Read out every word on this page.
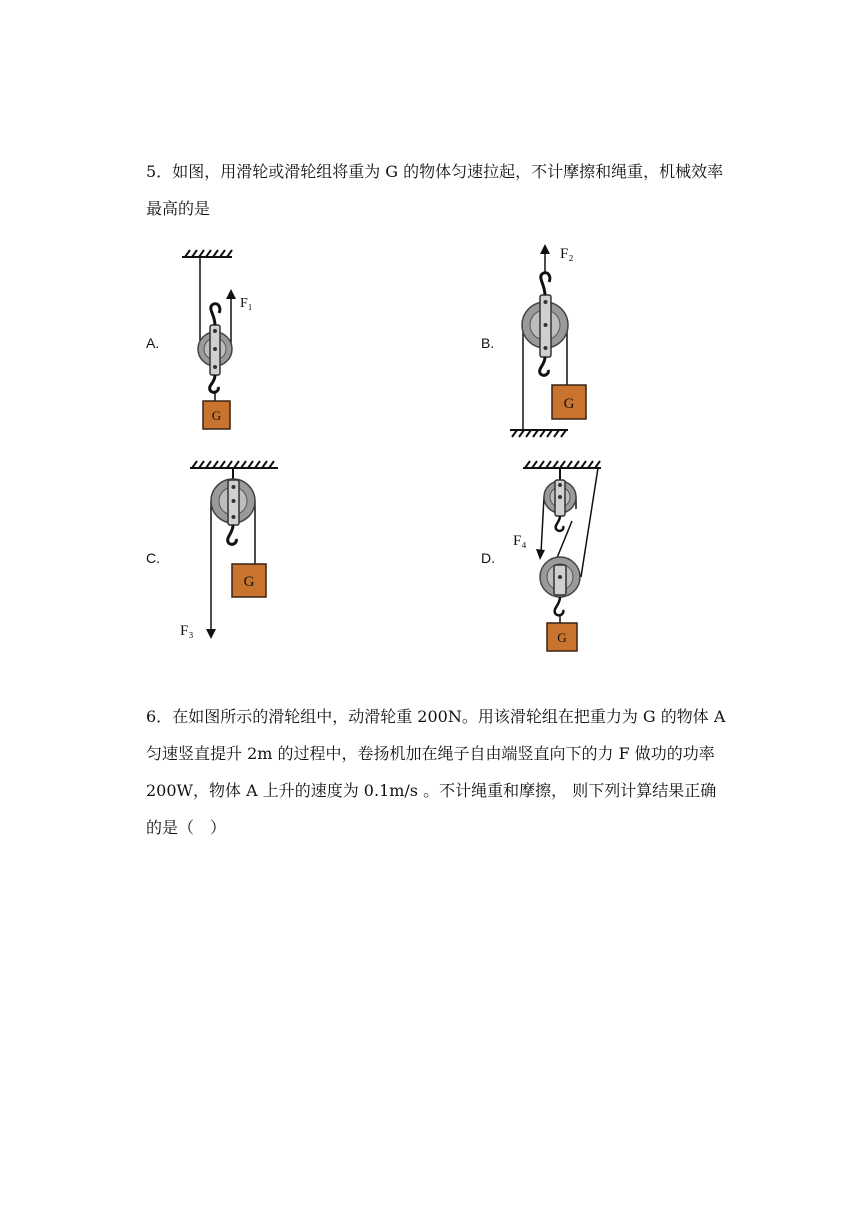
5．如图，用滑轮或滑轮组将重为 G 的物体匀速拉起，不计摩擦和绳重，机械效率最高的是
A.	B.
C.	D.
G
F₁
G
F₂
G
F₃	G
F₄
6．在如图所示的滑轮组中，动滑轮重 200N。用该滑轮组在把重力为 G 的物体 A 匀速竖直提升 2m 的过程中，卷扬机加在绳子自由端竖直向下的力 F 做功的功率 200W，物体 A 上升的速度为 0.1m/s 。不计绳重和摩擦， 则下列计算结果正确的是（　）
